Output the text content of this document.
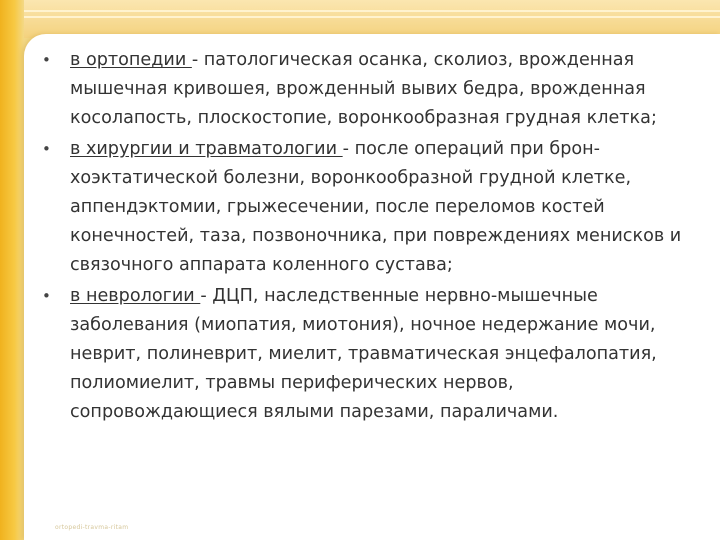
• в ортопедии - патологическая осанка, сколиоз, врожденная мышечная кривошея, врожденный вывих бедра, врожденная косолапость, плоскостопие, воронкообразная грудная клетка;
• в хирургии и травматологии - после операций при брон-хоэктатической болезни, воронкообразной грудной клетке, аппендэктомии, грыжесечении, после переломов костей конечностей, таза, позвоночника, при повреждениях менисков и связочного аппарата коленного сустава;
• в неврологии - ДЦП, наследственные нервно-мышечные заболевания (миопатия, миотония), ночное недержание мочи, неврит, полиневрит, миелит, травматическая энцефалопатия, полиомиелит, травмы периферических нервов, сопровождающиеся вялыми парезами, параличами.
ortopedi-travma-ritam
